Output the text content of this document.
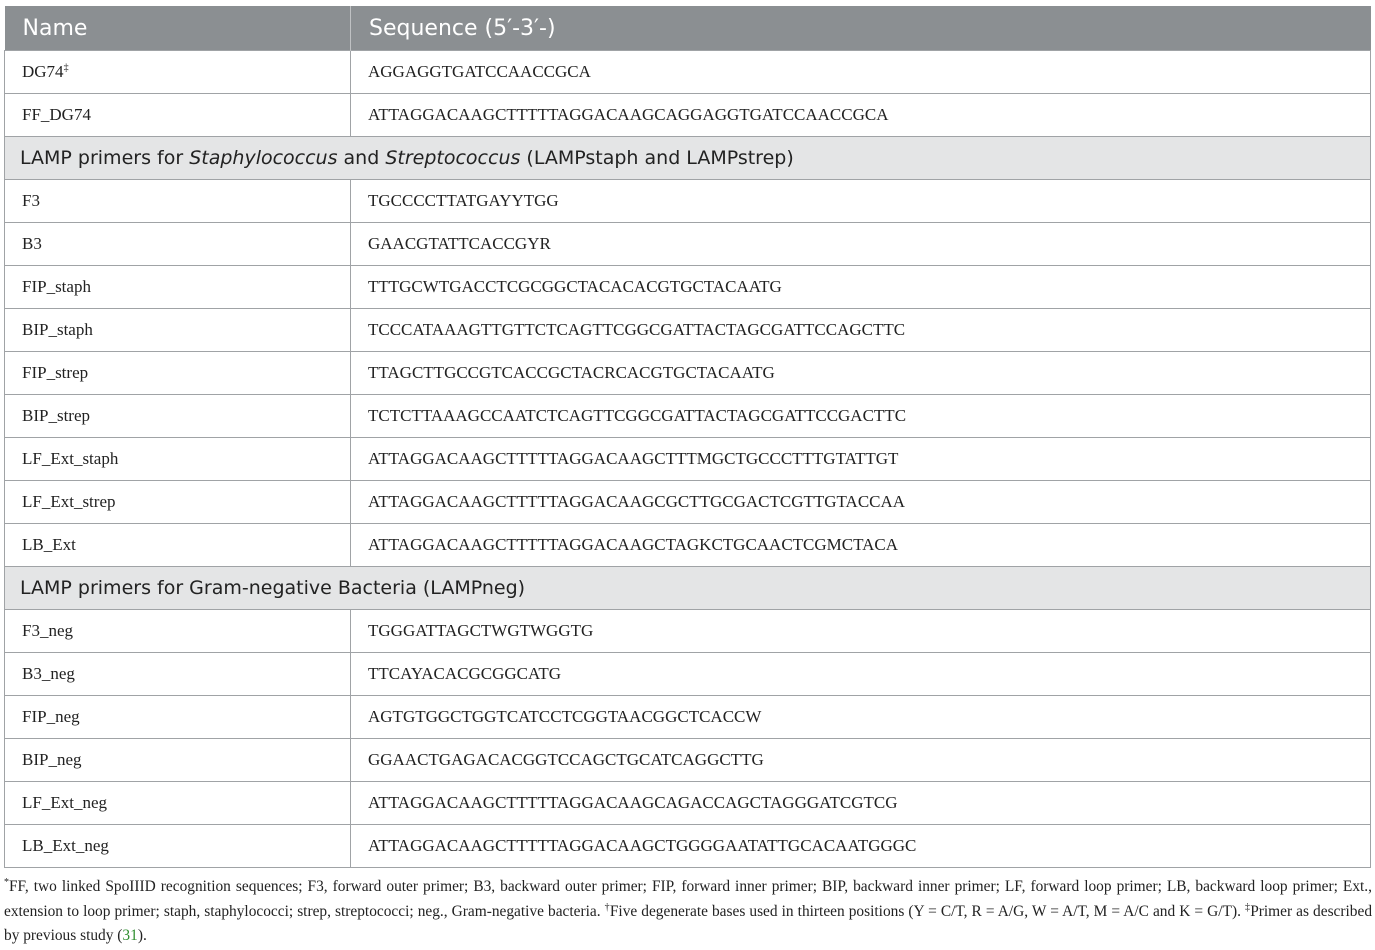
Name	Sequence (5′-3′-)
DG74‡	AGGAGGTGATCCAACCGCA
FF_DG74	ATTAGGACAAGCTTTTTAGGACAAGCAGGAGGTGATCCAACCGCA
LAMP primers for Staphylococcus and Streptococcus (LAMPstaph and LAMPstrep)	
F3	TGCCCCTTATGAYYTGG
B3	GAACGTATTCACCGYR
FIP_staph	TTTGCWTGACCTCGCGGCTACACACGTGCTACAATG
BIP_staph	TCCCATAAAGTTGTTCTCAGTTCGGCGATTACTAGCGATTCCAGCTTC
FIP_strep	TTAGCTTGCCGTCACCGCTACRCACGTGCTACAATG
BIP_strep	TCTCTTAAAGCCAATCTCAGTTCGGCGATTACTAGCGATTCCGACTTC
LF_Ext_staph	ATTAGGACAAGCTTTTTAGGACAAGCTTTMGCTGCCCTTTGTATTGT
LF_Ext_strep	ATTAGGACAAGCTTTTTAGGACAAGCGCTTGCGACTCGTTGTACCAA
LB_Ext	ATTAGGACAAGCTTTTTAGGACAAGCTAGKCTGCAACTCGMCTACA
LAMP primers for Gram-negative Bacteria (LAMPneg)	
F3_neg	TGGGATTAGCTWGTWGGTG
B3_neg	TTCAYACACGCGGCATG
FIP_neg	AGTGTGGCTGGTCATCCTCGGTAACGGCTCACCW
BIP_neg	GGAACTGAGACACGGTCCAGCTGCATCAGGCTTG
LF_Ext_neg	ATTAGGACAAGCTTTTTAGGACAAGCAGACCAGCTAGGGATCGTCG
LB_Ext_neg	ATTAGGACAAGCTTTTTAGGACAAGCTGGGGAATATTGCACAATGGGC
*FF, two linked SpoIIID recognition sequences; F3, forward outer primer; B3, backward outer primer; FIP, forward inner primer; BIP, backward inner primer; LF, forward loop primer; LB, backward loop primer; Ext., extension to loop primer; staph, staphylococci; strep, streptococci; neg., Gram-negative bacteria. †Five degenerate bases used in thirteen positions (Y = C/T, R = A/G, W = A/T, M = A/C and K = G/T). ‡Primer as described by previous study (31).
